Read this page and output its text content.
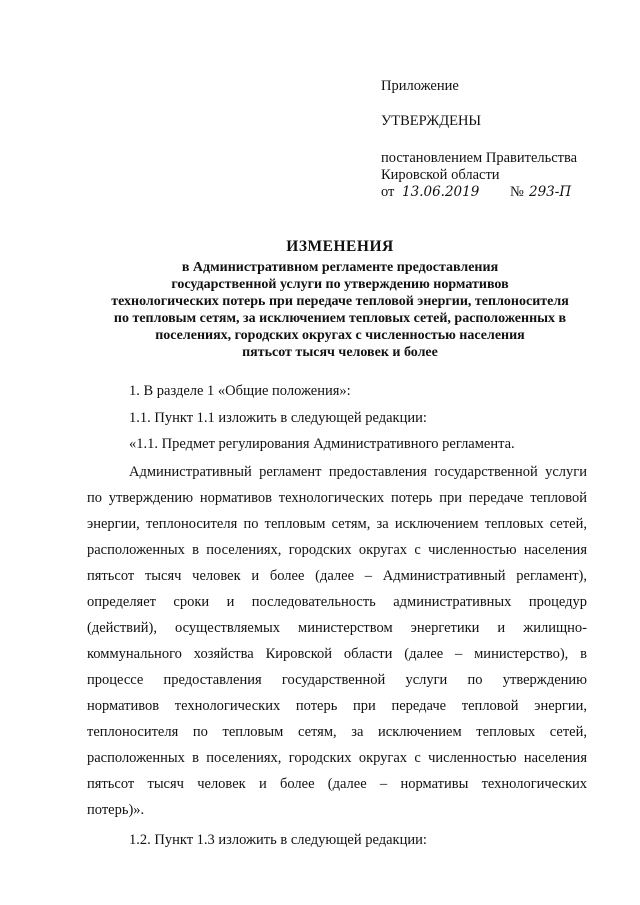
Приложение
УТВЕРЖДЕНЫ
постановлением Правительства
Кировской области
от 13.06.2019 № 293-П
ИЗМЕНЕНИЯ
в Административном регламенте предоставления
государственной услуги по утверждению нормативов
технологических потерь при передаче тепловой энергии, теплоносителя
по тепловым сетям, за исключением тепловых сетей, расположенных в
поселениях, городских округах с численностью населения
пятьсот тысяч человек и более
1. В разделе 1 «Общие положения»:
1.1. Пункт 1.1 изложить в следующей редакции:
«1.1. Предмет регулирования Административного регламента.
Административный регламент предоставления государственной услуги
по утверждению нормативов технологических потерь при передаче тепловой
энергии, теплоносителя по тепловым сетям, за исключением тепловых сетей,
расположенных в поселениях, городских округах с численностью населения
пятьсот тысяч человек и более (далее – Административный регламент),
определяет сроки и последовательность административных процедур
(действий), осуществляемых министерством энергетики и жилищно-
коммунального хозяйства Кировской области (далее – министерство), в
процессе предоставления государственной услуги по утверждению
нормативов технологических потерь при передаче тепловой энергии,
теплоносителя по тепловым сетям, за исключением тепловых сетей,
расположенных в поселениях, городских округах с численностью населения
пятьсот тысяч человек и более (далее – нормативы технологических
потерь)».
1.2. Пункт 1.3 изложить в следующей редакции:
